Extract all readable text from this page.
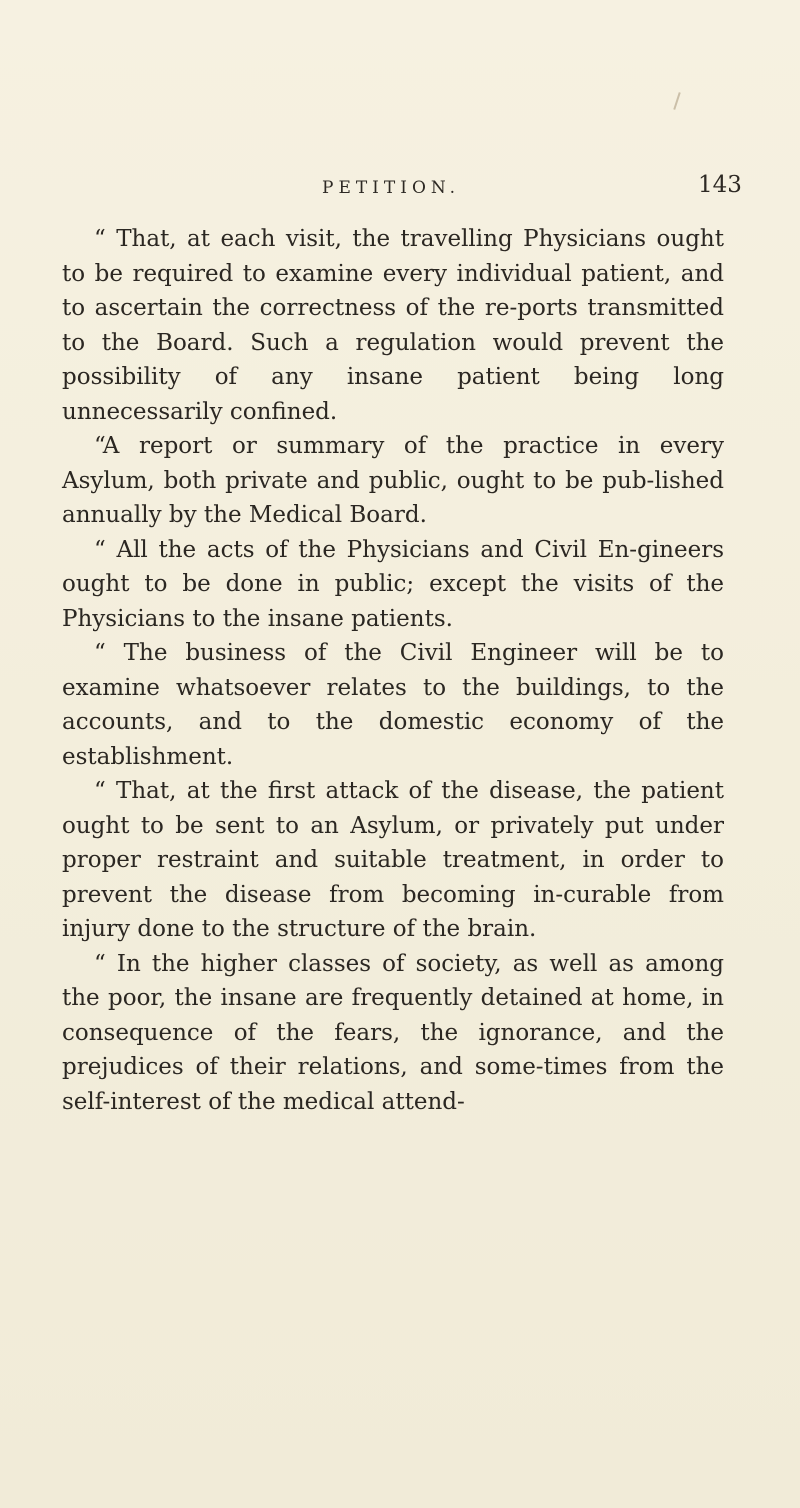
PETITION.	143

“ That, at each visit, the travelling Physicians ought to be required to examine every individual patient, and to ascertain the correctness of the re-ports transmitted to the Board. Such a regulation would prevent the possibility of any insane patient being long unnecessarily confined.

“A report or summary of the practice in every Asylum, both private and public, ought to be pub-lished annually by the Medical Board.

“ All the acts of the Physicians and Civil En-gineers ought to be done in public; except the visits of the Physicians to the insane patients.

“ The business of the Civil Engineer will be to examine whatsoever relates to the buildings, to the accounts, and to the domestic economy of the establishment.

“ That, at the first attack of the disease, the patient ought to be sent to an Asylum, or privately put under proper restraint and suitable treatment, in order to prevent the disease from becoming in-curable from injury done to the structure of the brain.

“ In the higher classes of society, as well as among the poor, the insane are frequently detained at home, in consequence of the fears, the ignorance, and the prejudices of their relations, and some-times from the self-interest of the medical attend-
